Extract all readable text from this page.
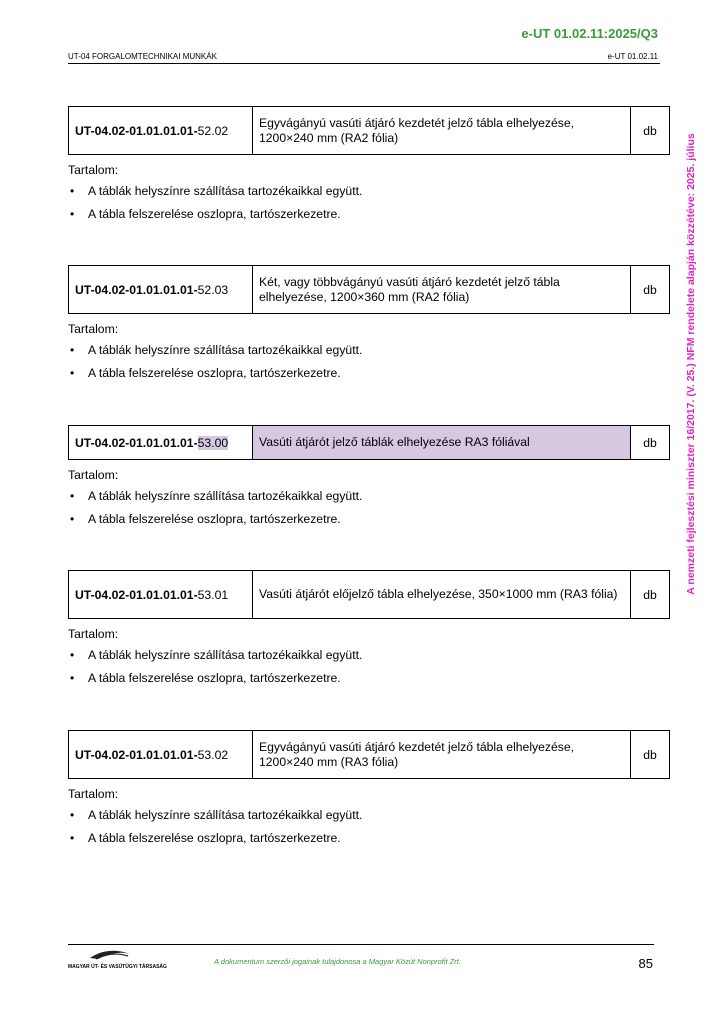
e-UT 01.02.11:2025/Q3
UT-04 FORGALOMTECHNIKAI MUNKÁK	e-UT 01.02.11
A nemzeti fejlesztési miniszter 16/2017. (V. 25.) NFM rendelete alapján közzétéve: 2025. július
UT-04.02-01.01.01.01-52.02	Egyvágányú vasúti átjáró kezdetét jelző tábla elhelyezése, 1200×240 mm (RA2 fólia)	db

Tartalom:

• A táblák helyszínre szállítása tartozékaikkal együtt.
• A tábla felszerelése oszlopra, tartószerkezetre.
UT-04.02-01.01.01.01-52.03	Két, vagy többvágányú vasúti átjáró kezdetét jelző tábla elhelyezése, 1200×360 mm (RA2 fólia)	db

Tartalom:

• A táblák helyszínre szállítása tartozékaikkal együtt.
• A tábla felszerelése oszlopra, tartószerkezetre.
UT-04.02-01.01.01.01-53.00	Vasúti átjárót jelző táblák elhelyezése RA3 fóliával	db

Tartalom:

• A táblák helyszínre szállítása tartozékaikkal együtt.
• A tábla felszerelése oszlopra, tartószerkezetre.
UT-04.02-01.01.01.01-53.01	Vasúti átjárót előjelző tábla elhelyezése, 350×1000 mm (RA3 fólia)	db

Tartalom:

• A táblák helyszínre szállítása tartozékaikkal együtt.
• A tábla felszerelése oszlopra, tartószerkezetre.
UT-04.02-01.01.01.01-53.02	Egyvágányú vasúti átjáró kezdetét jelző tábla elhelyezése, 1200×240 mm (RA3 fólia)	db

Tartalom:

• A táblák helyszínre szállítása tartozékaikkal együtt.
• A tábla felszerelése oszlopra, tartószerkezetre.
MAGYAR ÚT- ÉS VASÚTÜGYI TÁRSASÁG
A dokumentum szerzői jogainak tulajdonosa a Magyar Közút Nonprofit Zrt.	85
